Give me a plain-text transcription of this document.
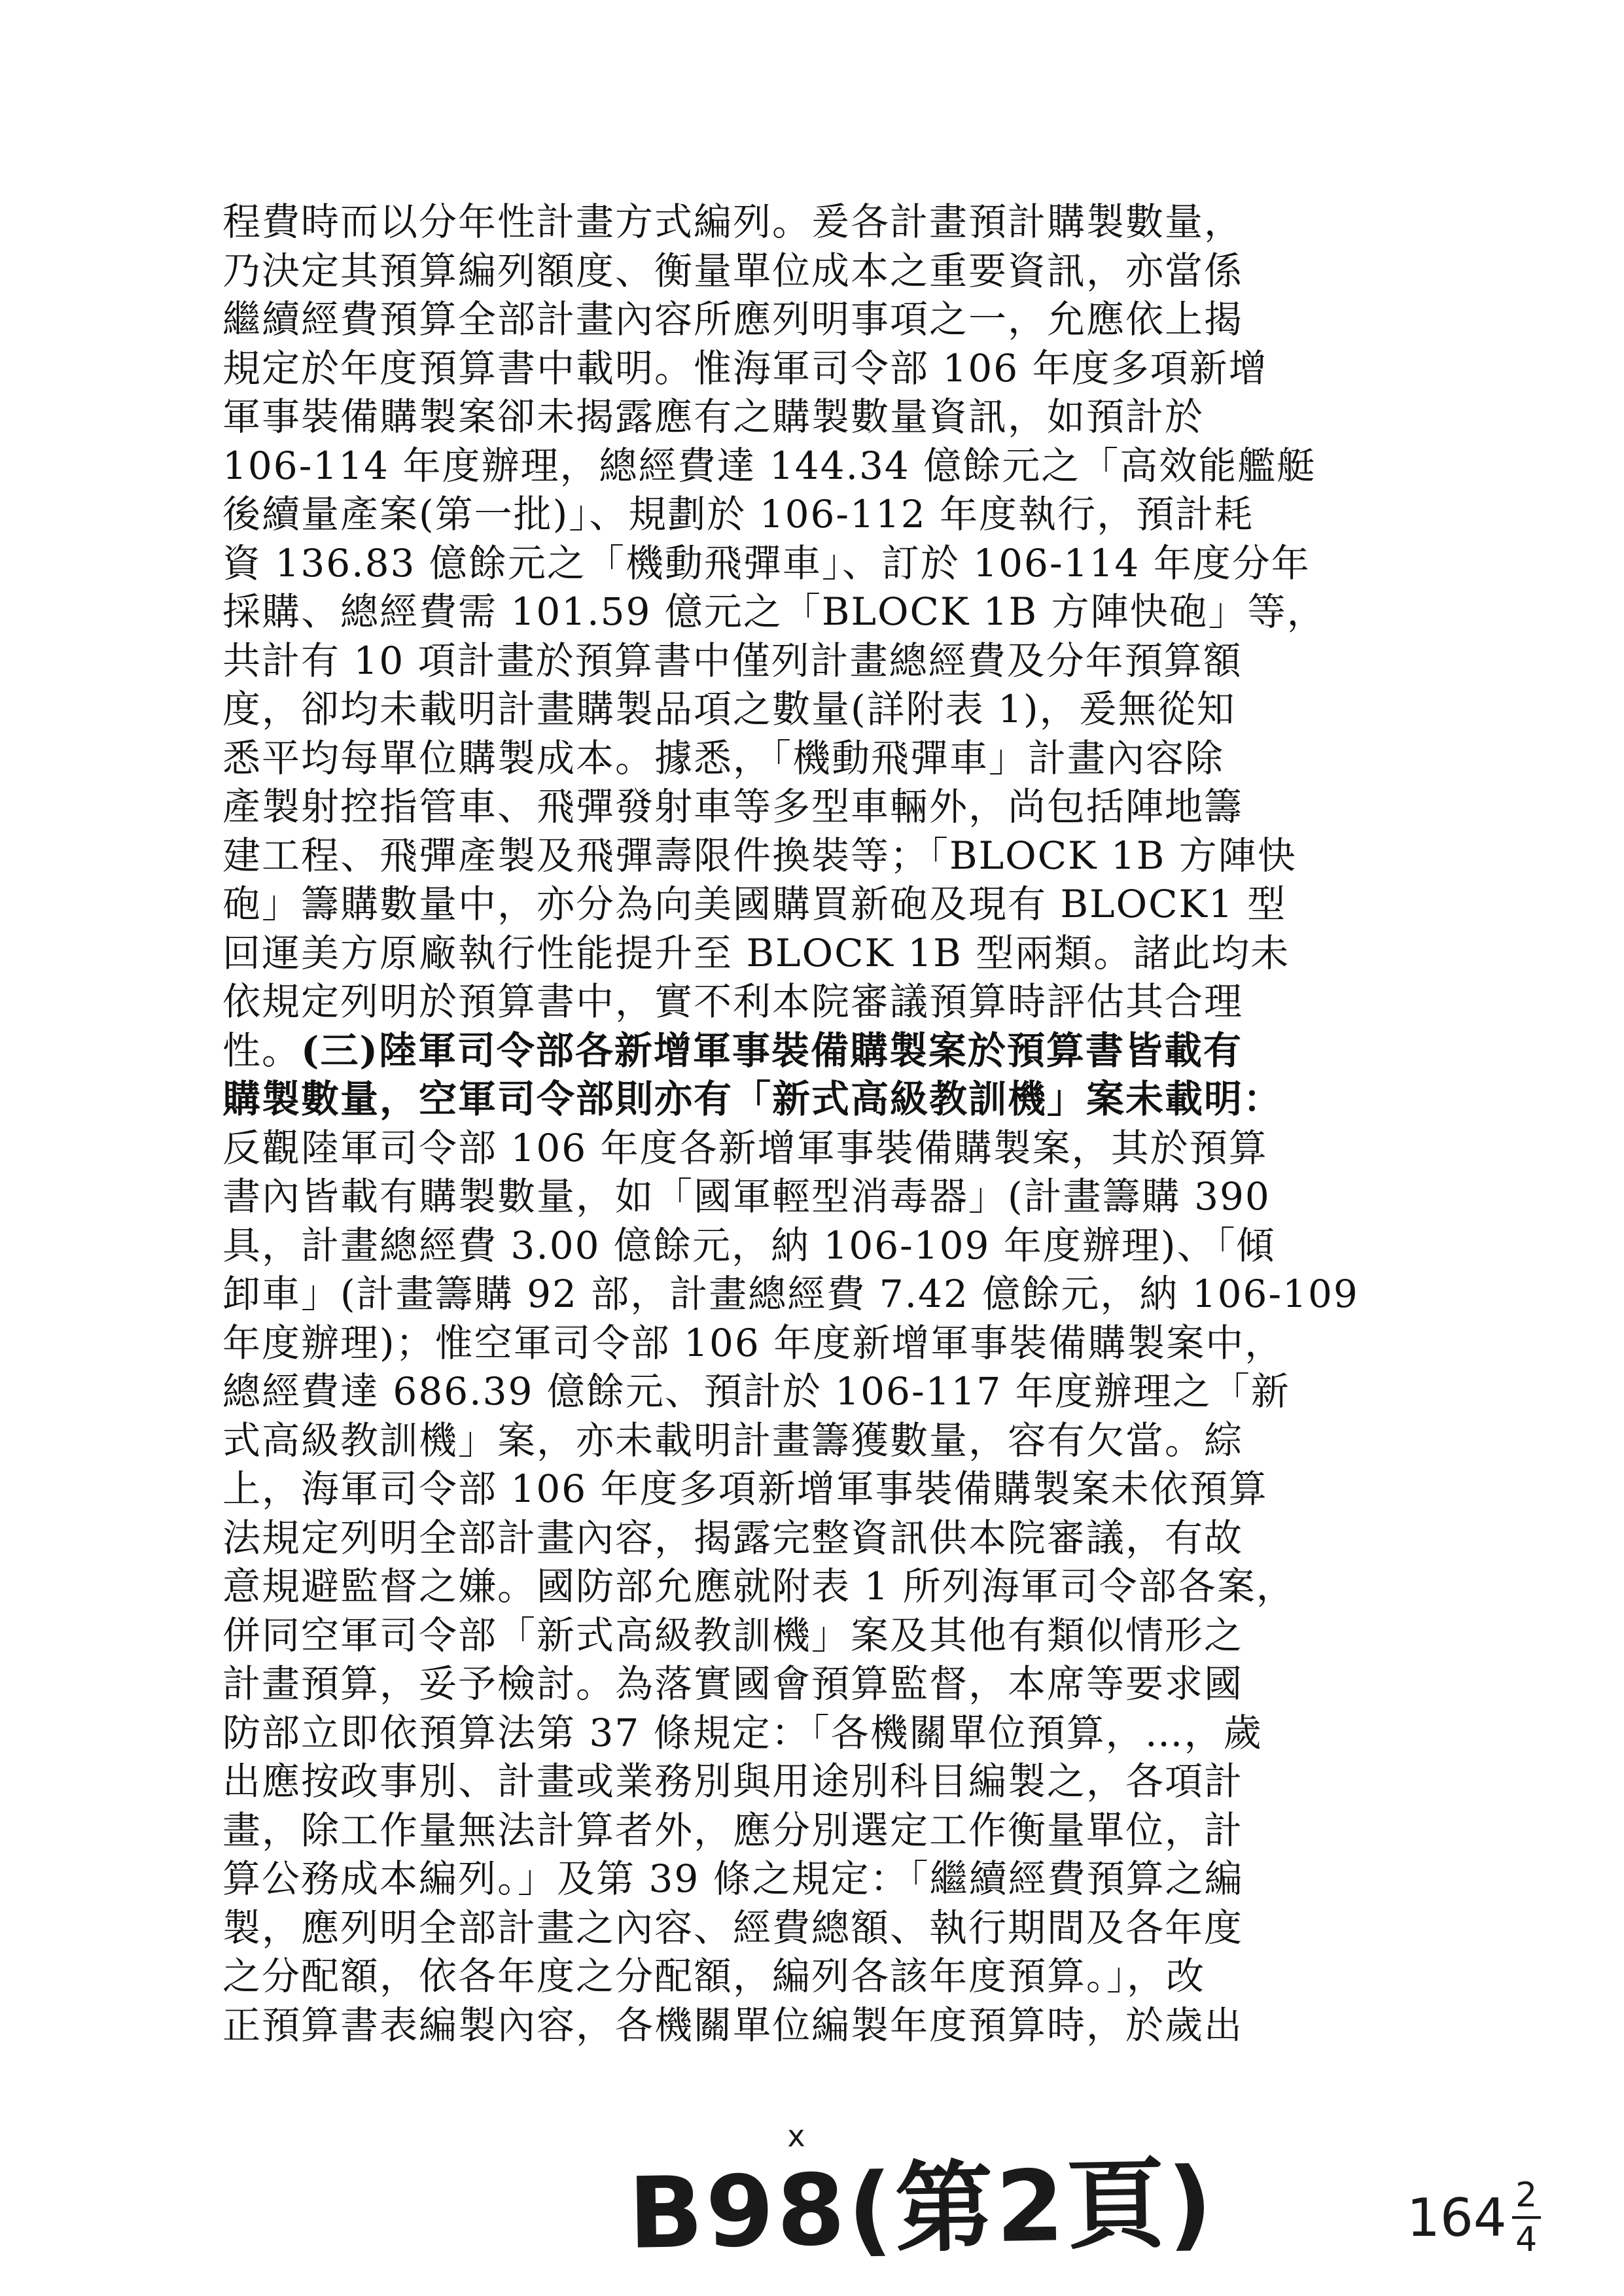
程費時而以分年性計畫方式編列。爰各計畫預計購製數量，
乃決定其預算編列額度、衡量單位成本之重要資訊，亦當係
繼續經費預算全部計畫內容所應列明事項之一，允應依上揭
規定於年度預算書中載明。惟海軍司令部 106 年度多項新增
軍事裝備購製案卻未揭露應有之購製數量資訊，如預計於
106-114 年度辦理，總經費達 144.34 億餘元之「高效能艦艇
後續量產案(第一批)」、規劃於 106-112 年度執行，預計耗
資 136.83 億餘元之「機動飛彈車」、訂於 106-114 年度分年
採購、總經費需 101.59 億元之「BLOCK 1B 方陣快砲」等，
共計有 10 項計畫於預算書中僅列計畫總經費及分年預算額
度，卻均未載明計畫購製品項之數量(詳附表 1)，爰無從知
悉平均每單位購製成本。據悉，「機動飛彈車」計畫內容除
產製射控指管車、飛彈發射車等多型車輛外，尚包括陣地籌
建工程、飛彈產製及飛彈壽限件換裝等；「BLOCK 1B 方陣快
砲」籌購數量中，亦分為向美國購買新砲及現有 BLOCK1 型
回運美方原廠執行性能提升至 BLOCK 1B 型兩類。諸此均未
依規定列明於預算書中，實不利本院審議預算時評估其合理
性。 (三)陸軍司令部各新增軍事裝備購製案於預算書皆載有
購製數量，空軍司令部則亦有「新式高級教訓機」案未載明：
反觀陸軍司令部 106 年度各新增軍事裝備購製案，其於預算
書內皆載有購製數量，如「國軍輕型消毒器」(計畫籌購 390
具，計畫總經費 3.00 億餘元，納 106-109 年度辦理)、「傾
卸車」(計畫籌購 92 部，計畫總經費 7.42 億餘元，納 106-109
年度辦理)；惟空軍司令部 106 年度新增軍事裝備購製案中，
總經費達 686.39 億餘元、預計於 106-117 年度辦理之「新
式高級教訓機」案，亦未載明計畫籌獲數量，容有欠當。綜
上，海軍司令部 106 年度多項新增軍事裝備購製案未依預算
法規定列明全部計畫內容，揭露完整資訊供本院審議，有故
意規避監督之嫌。國防部允應就附表 1 所列海軍司令部各案，
併同空軍司令部「新式高級教訓機」案及其他有類似情形之
計畫預算，妥予檢討。為落實國會預算監督，本席等要求國
防部立即依預算法第 37 條規定：「各機關單位預算，…，歲
出應按政事別、計畫或業務別與用途別科目編製之，各項計
畫，除工作量無法計算者外，應分別選定工作衡量單位，計
算公務成本編列。」及第 39 條之規定：「繼續經費預算之編
製，應列明全部計畫之內容、經費總額、執行期間及各年度
之分配額，依各年度之分配額，編列各該年度預算。」，改
正預算書表編製內容，各機關單位編製年度預算時，於歲出
B98(第2頁)
x
$164 \frac{2}{4}$
